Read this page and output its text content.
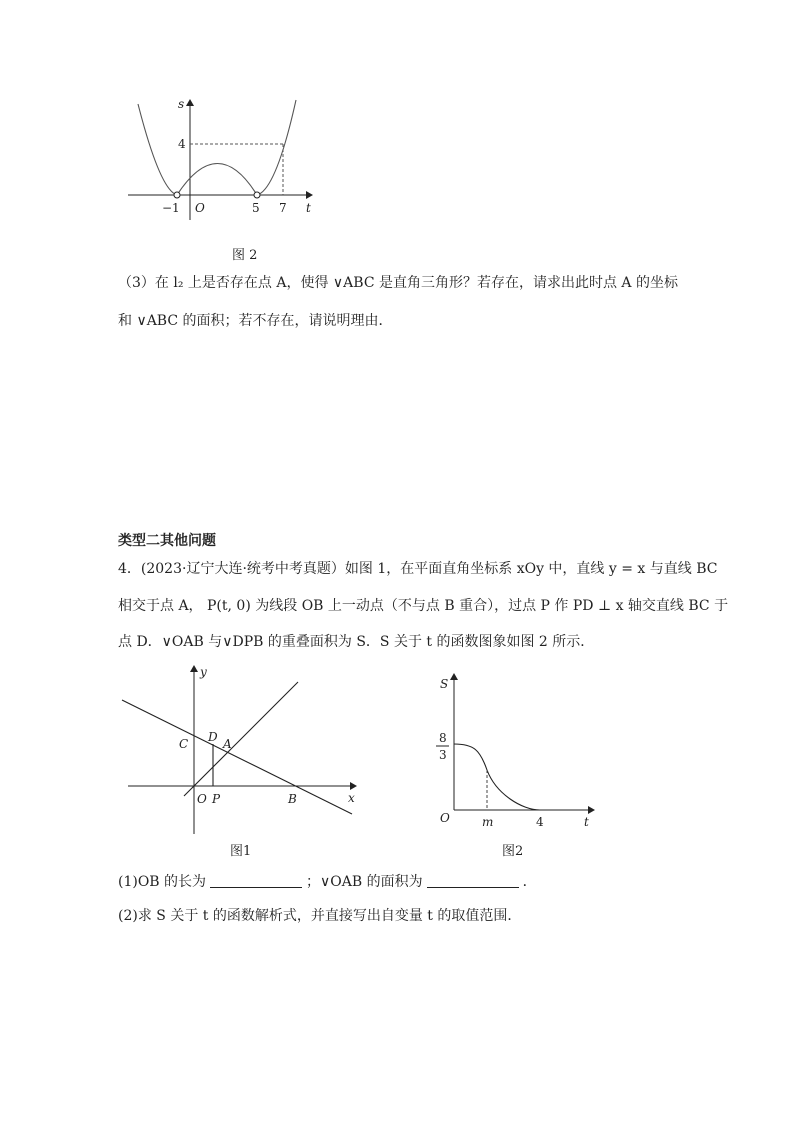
s
4
−1 O	5 7 t
图 2
（3）在 l₂ 上是否存在点 A，使得 ∨ABC 是直角三角形？若存在，请求出此时点 A 的坐标
和 ∨ABC 的面积；若不存在，请说明理由．
类型二其他问题
4．(2023·辽宁大连·统考中考真题）如图 1，在平面直角坐标系 xOy 中，直线 y = x 与直线 BC
相交于点 A， P(t, 0) 为线段 OB 上一动点（不与点 B 重合），过点 P 作 PD ⊥ x 轴交直线 BC 于
点 D．∨OAB 与∨DPB 的重叠面积为 S．S 关于 t 的函数图象如图 2 所示．
y
x
C D A
O P	B
图1
S
8
3
O	m	4	t
图2
(1)OB 的长为	；∨OAB 的面积为	．
(2)求 S 关于 t 的函数解析式，并直接写出自变量 t 的取值范围．
